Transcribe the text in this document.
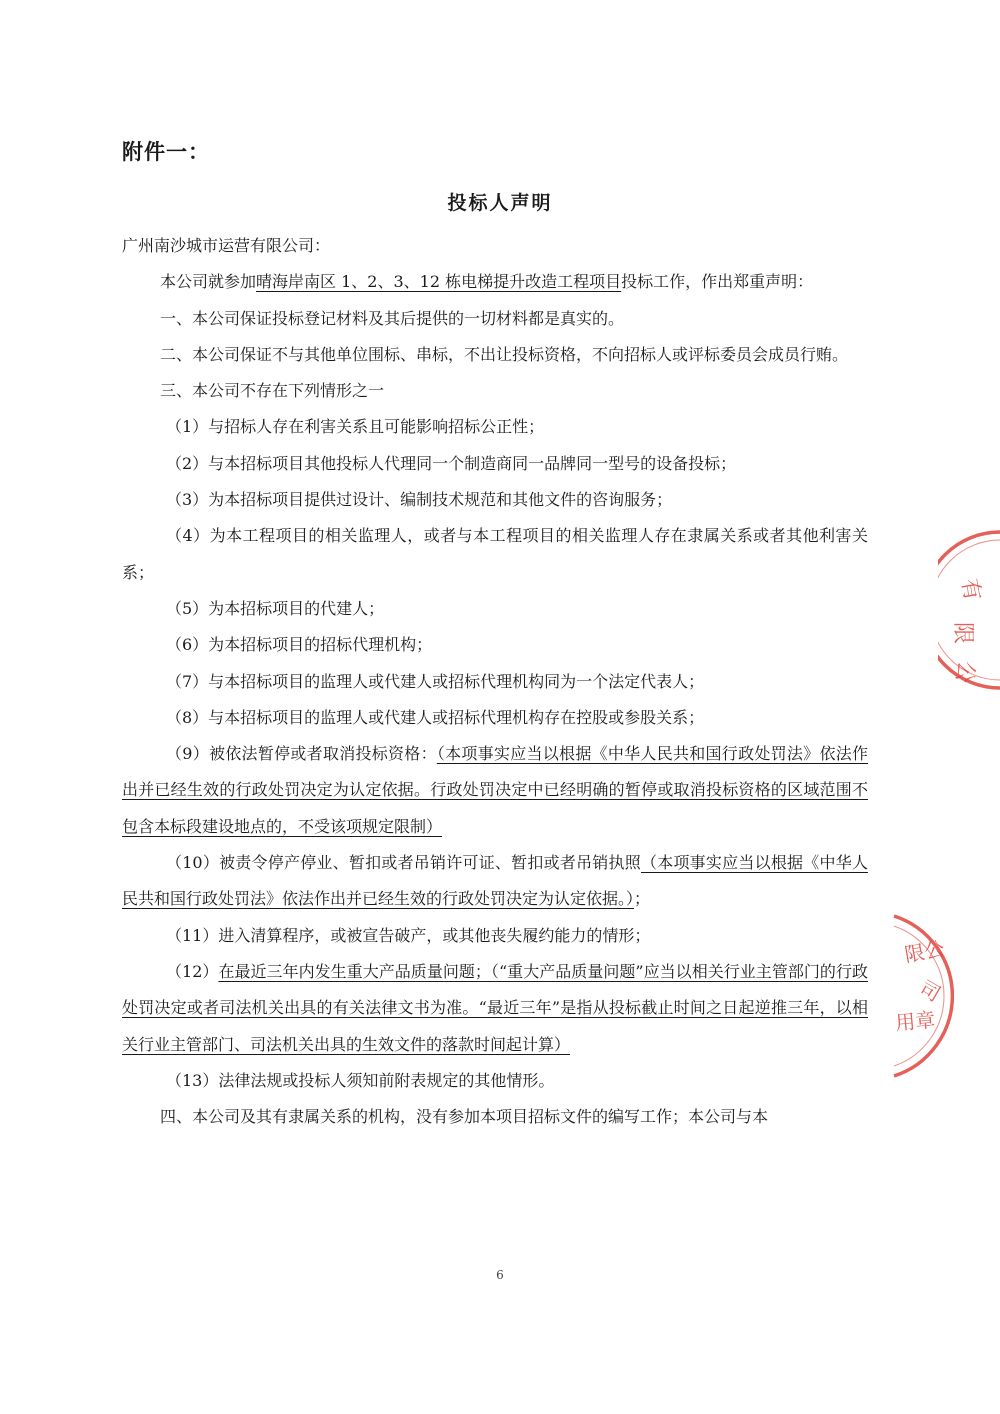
附件一：
投标人声明

广州南沙城市运营有限公司：

本公司就参加晴海岸南区 1、2、3、12 栋电梯提升改造工程项目投标工作，作出郑重声明：

一、本公司保证投标登记材料及其后提供的一切材料都是真实的。

二、本公司保证不与其他单位围标、串标，不出让投标资格，不向招标人或评标委员会成员行贿。

三、本公司不存在下列情形之一

（1）与招标人存在利害关系且可能影响招标公正性；

（2）与本招标项目其他投标人代理同一个制造商同一品牌同一型号的设备投标；

（3）为本招标项目提供过设计、编制技术规范和其他文件的咨询服务；

（4）为本工程项目的相关监理人，或者与本工程项目的相关监理人存在隶属关系或者其他利害关系；

（5）为本招标项目的代建人；

（6）为本招标项目的招标代理机构；

（7）与本招标项目的监理人或代建人或招标代理机构同为一个法定代表人；

（8）与本招标项目的监理人或代建人或招标代理机构存在控股或参股关系；

（9）被依法暂停或者取消投标资格：（本项事实应当以根据《中华人民共和国行政处罚法》依法作出并已经生效的行政处罚决定为认定依据。行政处罚决定中已经明确的暂停或取消投标资格的区域范围不包含本标段建设地点的，不受该项规定限制）

（10）被责令停产停业、暂扣或者吊销许可证、暂扣或者吊销执照（本项事实应当以根据《中华人民共和国行政处罚法》依法作出并已经生效的行政处罚决定为认定依据。）；

（11）进入清算程序，或被宣告破产，或其他丧失履约能力的情形；

（12）在最近三年内发生重大产品质量问题；（“重大产品质量问题”应当以相关行业主管部门的行政处罚决定或者司法机关出具的有关法律文书为准。“最近三年”是指从投标截止时间之日起逆推三年，以相关行业主管部门、司法机关出具的生效文件的落款时间起计算）

（13）法律法规或投标人须知前附表规定的其他情形。

四、本公司及其有隶属关系的机构，没有参加本项目招标文件的编写工作；本公司与本

6
有
限
公
限公
司
用章
